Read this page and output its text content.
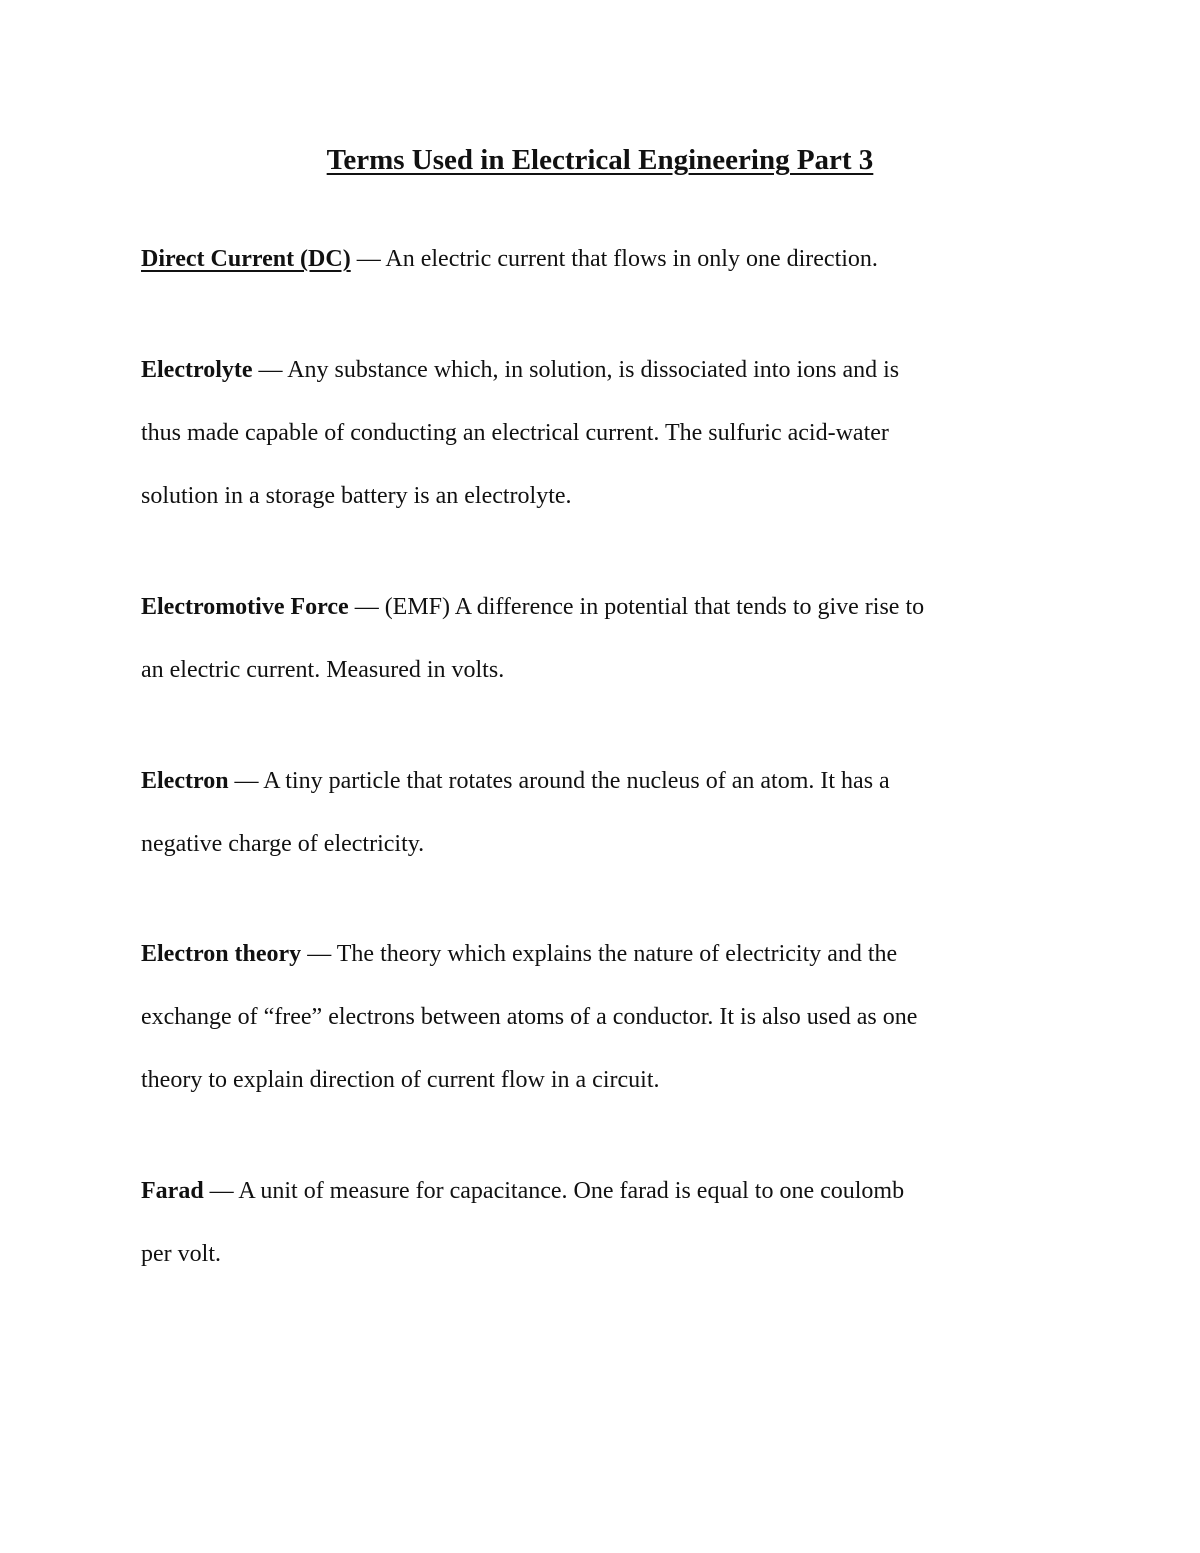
Terms Used in Electrical Engineering Part 3

Direct Current (DC) — An electric current that flows in only one direction.

Electrolyte — Any substance which, in solution, is dissociated into ions and is
thus made capable of conducting an electrical current. The sulfuric acid-water
solution in a storage battery is an electrolyte.

Electromotive Force — (EMF) A difference in potential that tends to give rise to
an electric current. Measured in volts.

Electron — A tiny particle that rotates around the nucleus of an atom. It has a
negative charge of electricity.

Electron theory — The theory which explains the nature of electricity and the
exchange of “free” electrons between atoms of a conductor. It is also used as one
theory to explain direction of current flow in a circuit.

Farad — A unit of measure for capacitance. One farad is equal to one coulomb
per volt.
